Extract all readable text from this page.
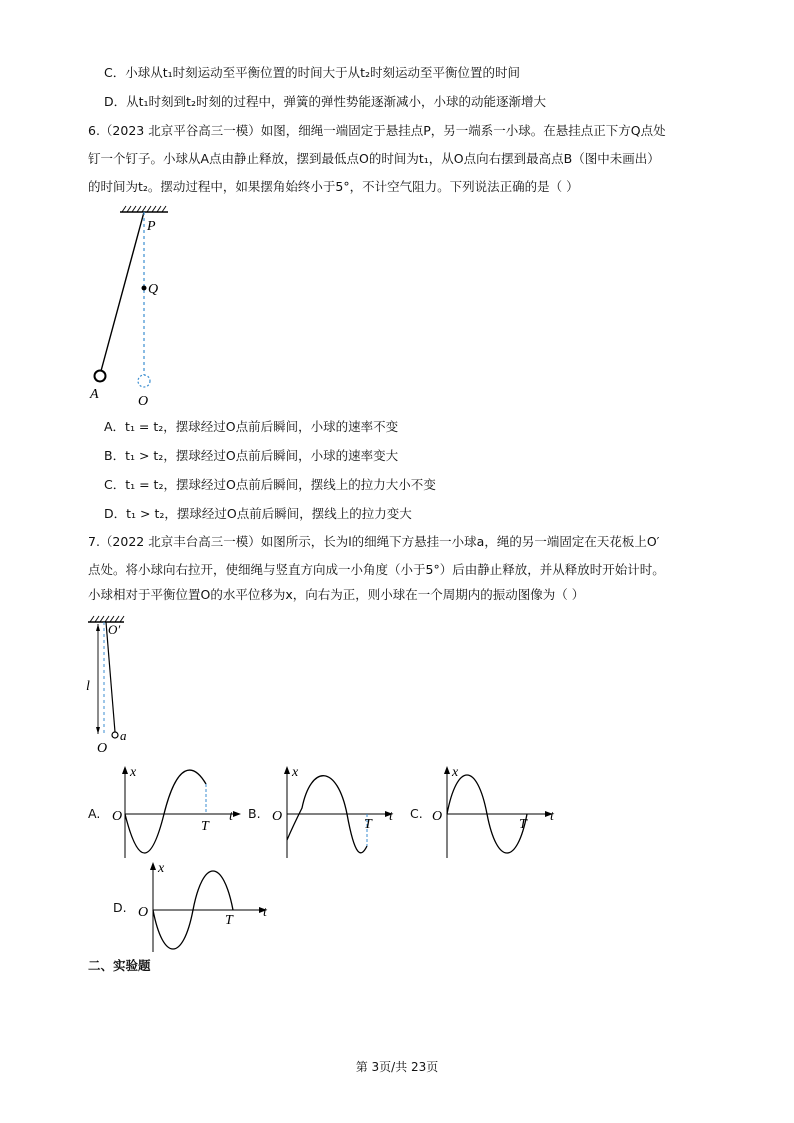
C．小球从t₁时刻运动至平衡位置的时间大于从t₂时刻运动至平衡位置的时间
D．从t₁时刻到t₂时刻的过程中，弹簧的弹性势能逐渐减小，小球的动能逐渐增大
6.（2023 北京平谷高三一模）如图，细绳一端固定于悬挂点P，另一端系一小球。在悬挂点正下方Q点处
钉一个钉子。小球从A点由静止释放，摆到最低点O的时间为t₁，从O点向右摆到最高点B（图中未画出）
的时间为t₂。摆动过程中，如果摆角始终小于5°，不计空气阻力。下列说法正确的是（ ）
P
Q
A	O
A．t₁ = t₂，摆球经过O点前后瞬间，小球的速率不变
B．t₁ > t₂，摆球经过O点前后瞬间，小球的速率变大
C．t₁ = t₂，摆球经过O点前后瞬间，摆线上的拉力大小不变
D．t₁ > t₂，摆球经过O点前后瞬间，摆线上的拉力变大
7.（2022 北京丰台高三一模）如图所示，长为l的细绳下方悬挂一小球a，绳的另一端固定在天花板上O′
点处。将小球向右拉开，使细绳与竖直方向成一小角度（小于5°）后由静止释放，并从释放时开始计时。
小球相对于平衡位置O的水平位移为x，向右为正，则小球在一个周期内的振动图像为（ ）
O′
l
O
a
A.
x
O
T
t B.
x
O
T
t C.
x
O
T
t
D.
x
O
T
t
二、实验题
第 3页/共 23页
